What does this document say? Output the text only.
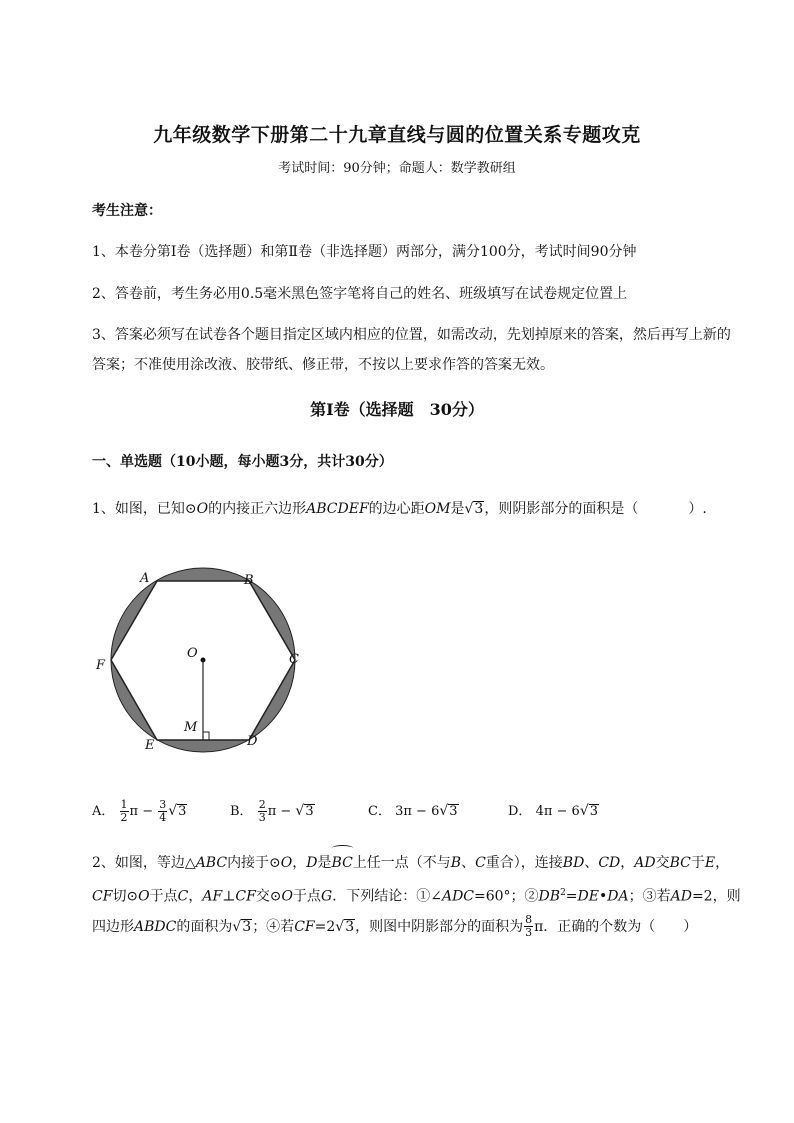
九年级数学下册第二十九章直线与圆的位置关系专题攻克
考试时间：90分钟；命题人：数学教研组
考生注意：
1、本卷分第I卷（选择题）和第Ⅱ卷（非选择题）两部分，满分100分，考试时间90分钟
2、答卷前，考生务必用0.5毫米黑色签字笔将自己的姓名、班级填写在试卷规定位置上
3、答案必须写在试卷各个题目指定区域内相应的位置，如需改动，先划掉原来的答案，然后再写上新的答案；不准使用涂改液、胶带纸、修正带，不按以上要求作答的答案无效。
第I卷（选择题　30分）
一、单选题（10小题，每小题3分，共计30分）
1、如图，已知⊙O的内接正六边形ABCDEF的边心距OM是√3，则阴影部分的面积是（	）.
A	B
C
D
E
F
O
M
A． $\frac{1}{2}$ $\pi - \frac{3}{4} √3$	B． $\frac{2}{3}$ π − √3	C． 3π − 6√3	D． 4π − 6√3
2、如图，等边△ABC内接于⊙O，D是BC上任一点（不与B、C重合），连接BD、CD，AD交BC于E，
CF切⊙O于点C，AF⊥CF交⊙O于点G．下列结论：①∠ADC=60°；$②DB^2=DE•DA$；③若AD=2，则
四边形ABDC的面积为√3；④若CF=2√3，则图中阴影部分的面积为 $\frac{8}{3}$ π．正确的个数为（　　）
